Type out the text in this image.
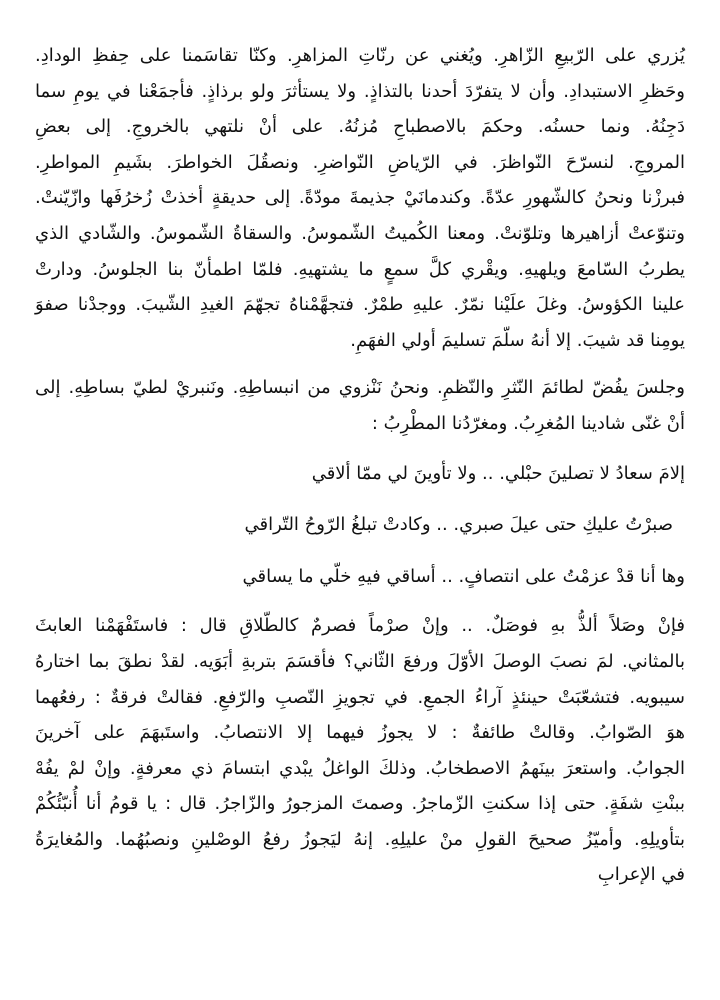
يُزري على الرّبيعِ الزّاهرِ. ويُغني عن رنّاتِ المزاهرِ. وكنّا تقاسَمنا على حِفظِ الودادِ.
وحَظرِ الاستبدادِ. وأن لا يتفرّدَ أحدنا بالتذاذٍ. ولا يستأثرَ ولو برذاذٍ. فأجمَعْنا في يومِ سما
دَجِنُهُ. ونما حسنُه. وحكمَ بالاصطباحِ مُزنُهُ. على أنْ نلتهي بالخروجِ. إلى بعضِ
المروجِ. لنسرّحَ النّواظرَ. في الرّياضِ النّواضرِ. ونصقُلَ الخواطرَ. بشَيمِ المواطرِ.
فبرزْنا ونحنُ كالشّهورِ عدّةً. وكندمانَيْ جذيمةَ مودّةً. إلى حديقةٍ أخذتْ زُخرُفَها وازّيّنتْ.
وتنوّعتْ أزاهيرها وتلوّنتْ. ومعنا الكُميتُ الشّموسُ. والسقاةُ الشّموسُ. والشّادي الذي
يطربُ السّامعَ ويلهيهِ. ويقْري كلَّ سمعٍ ما يشتهيهِ. فلمّا اطمأنّ بنا الجلوسُ. ودارتْ
علينا الكؤوسُ. وغلَ علَيْنا نمّرٌ. عليهِ طمْرٌ. فتجهَّمْناهُ تجهّمَ الغيدِ الشّيبَ. ووجدْنا صفوَ
يومِنا قد شيبَ. إلا أنهُ سلّمَ تسليمَ أولي الفهَمِ.
وجلسَ يفُضّ لطائمَ النّثرِ والنّظمِ. ونحنُ نَنْزوي من انبساطِهِ. ونَنبريْ لطيّ بساطِهِ. إلى
أنْ غنّى شادينا المُغرِبُ. ومغرّدُنا المطْرِبُ :
إلامَ سعادُ لا تصلينَ حبْلي. .. ولا تأوينَ لي ممّا ألاقي
صبرْتُ عليكِ حتى عيلَ صبري. .. وكادتْ تبلغُ الرّوحُ التّراقي
وها أنا قدْ عزمْتُ على انتصافٍ. .. أساقي فيهِ خلّي ما يساقي
فإنْ وصَلاً ألذُّ بهِ فوصَلٌ. .. وإنْ صرْماً فصرمٌ كالطّلاقِ قال : فاستَفْهَمْنا العابثَ
بالمثاني. لمَ نصبَ الوصلَ الأوّلَ ورفعَ الثّاني؟ فأقسَمَ بتربةِ أبَوَيه. لقدْ نطقَ بما اختارهُ
سيبويه. فتشعّبَتْ حينئذٍ آراءُ الجمعِ. في تجويزِ النّصبِ والرّفعِ. فقالتْ فرقةٌ : رفعُهما
هوَ الصّوابُ. وقالتْ طائفةٌ : لا يجوزُ فيهما إلا الانتصابُ. واستَبهَمَ على آخرينَ
الجوابُ. واستعرَ بينَهمُ الاصطخابُ. وذلكَ الواغلُ يبْدي ابتسامَ ذي معرفةٍ. وإنْ لمْ يفُهْ
ببنْتِ شفَةٍ. حتى إذا سكنتِ الزّماجرُ. وصمتَ المزجورُ والزّاجرُ. قال : يا قومُ أنا أُنبّئُكُمْ
بتأويلِهِ. وأميّزُ صحيحَ القولِ منْ عليلِهِ. إنهُ ليَجوزُ رفعُ الوصْلينِ ونصبُهُما. والمُغايرَةُ
في الإعرابِ
